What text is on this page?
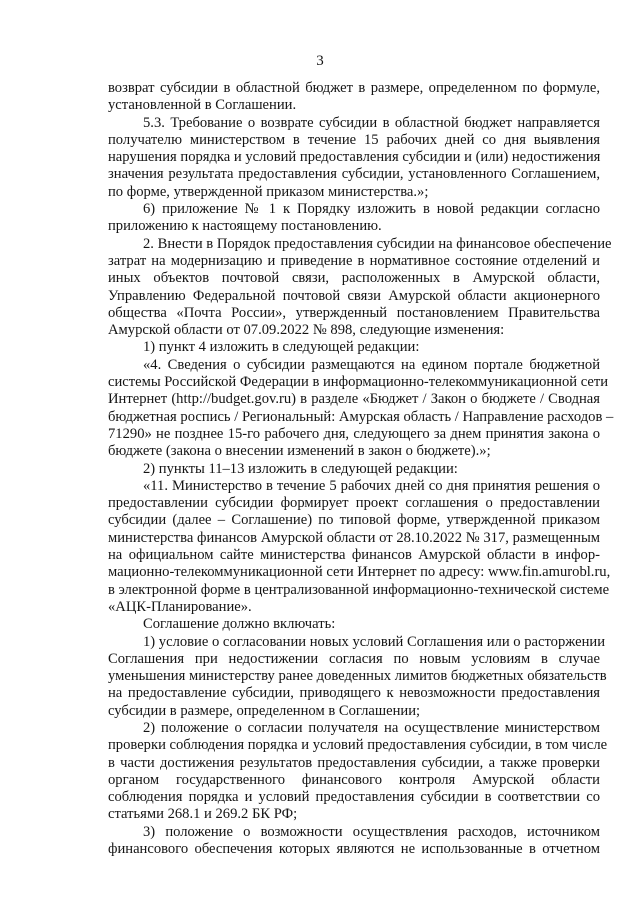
3
возврат субсидии в областной бюджет в размере, определенном по формуле,
установленной в Соглашении.
5.3. Требование о возврате субсидии в областной бюджет направляется
получателю министерством в течение 15 рабочих дней со дня выявления
нарушения порядка и условий предоставления субсидии и (или) недостижения
значения результата предоставления субсидии, установленного Соглашением,
по форме, утвержденной приказом министерства.»;
6) приложение № 1 к Порядку изложить в новой редакции согласно
приложению к настоящему постановлению.
2. Внести в Порядок предоставления субсидии на финансовое обеспечение
затрат на модернизацию и приведение в нормативное состояние отделений и
иных объектов почтовой связи, расположенных в Амурской области,
Управлению Федеральной почтовой связи Амурской области акционерного
общества «Почта России», утвержденный постановлением Правительства
Амурской области от 07.09.2022 № 898, следующие изменения:
1) пункт 4 изложить в следующей редакции:
«4. Сведения о субсидии размещаются на едином портале бюджетной
системы Российской Федерации в информационно-телекоммуникационной сети
Интернет (http://budget.gov.ru) в разделе «Бюджет / Закон о бюджете / Сводная
бюджетная роспись / Региональный: Амурская область / Направление расходов –
71290» не позднее 15-го рабочего дня, следующего за днем принятия закона о
бюджете (закона о внесении изменений в закон о бюджете).»;
2) пункты 11–13 изложить в следующей редакции:
«11. Министерство в течение 5 рабочих дней со дня принятия решения о
предоставлении субсидии формирует проект соглашения о предоставлении
субсидии (далее – Соглашение) по типовой форме, утвержденной приказом
министерства финансов Амурской области от 28.10.2022 № 317, размещенным
на официальном сайте министерства финансов Амурской области в инфор-
мационно-телекоммуникационной сети Интернет по адресу: www.fin.amurobl.ru,
в электронной форме в централизованной информационно-технической системе
«АЦК-Планирование».
Соглашение должно включать:
1) условие о согласовании новых условий Соглашения или о расторжении
Соглашения при недостижении согласия по новым условиям в случае
уменьшения министерству ранее доведенных лимитов бюджетных обязательств
на предоставление субсидии, приводящего к невозможности предоставления
субсидии в размере, определенном в Соглашении;
2) положение о согласии получателя на осуществление министерством
проверки соблюдения порядка и условий предоставления субсидии, в том числе
в части достижения результатов предоставления субсидии, а также проверки
органом государственного финансового контроля Амурской области
соблюдения порядка и условий предоставления субсидии в соответствии со
статьями 268.1 и 269.2 БК РФ;
3) положение о возможности осуществления расходов, источником
финансового обеспечения которых являются не использованные в отчетном
